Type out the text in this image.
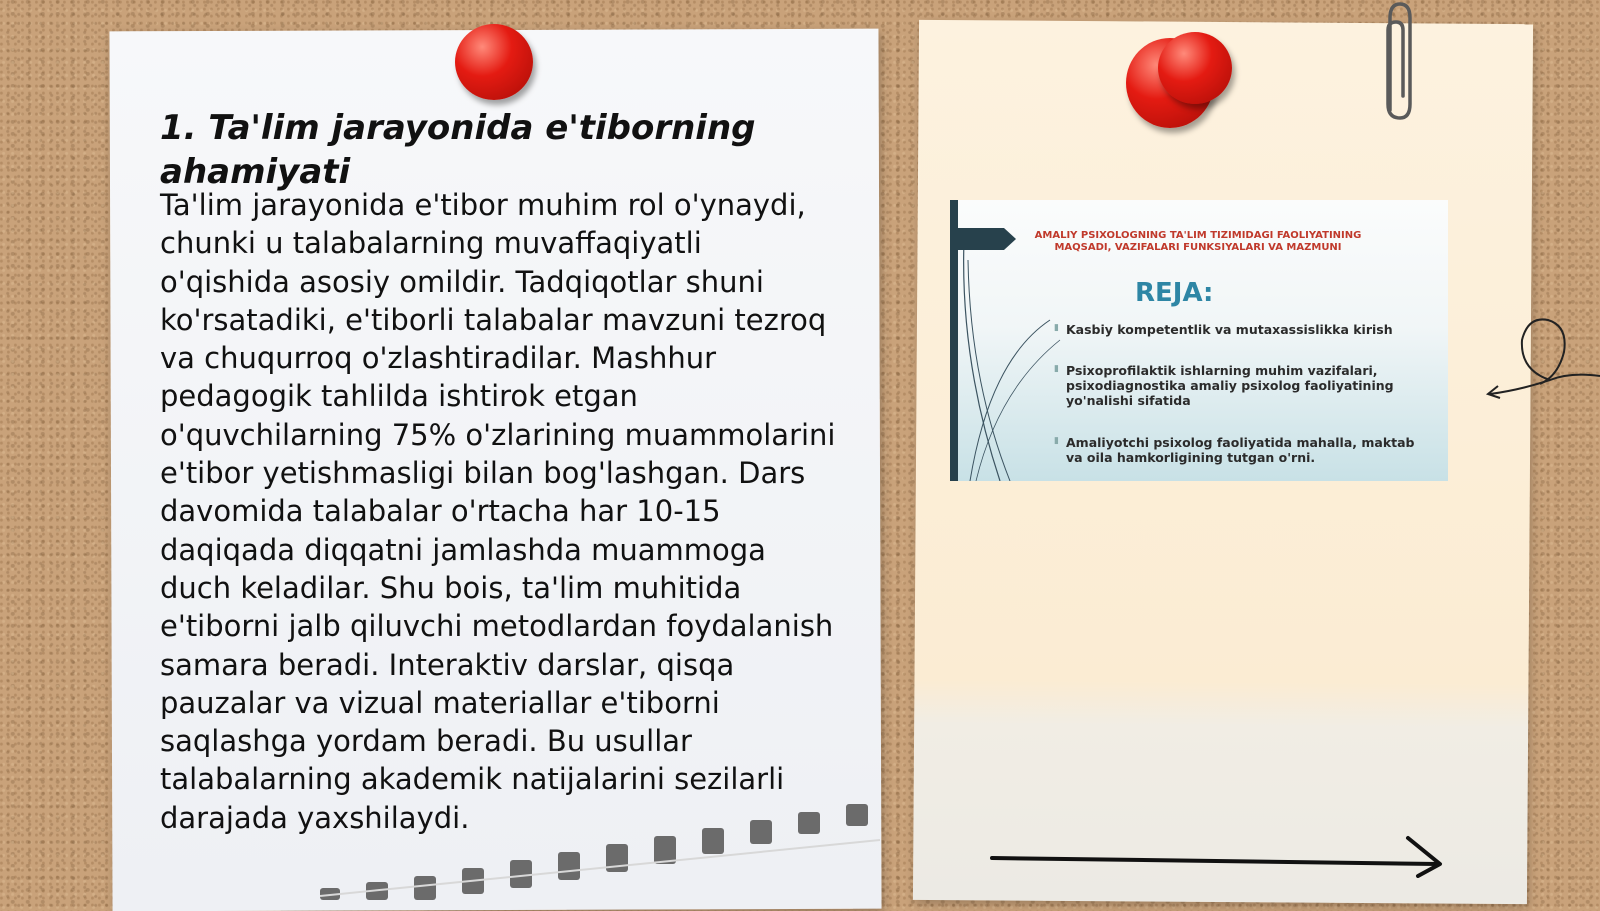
1. Ta'lim jarayonida e'tiborning ahamiyati

Ta'lim jarayonida e'tibor muhim rol o'ynaydi, chunki u talabalarning muvaffaqiyatli o'qishida asosiy omildir. Tadqiqotlar shuni ko'rsatadiki, e'tiborli talabalar mavzuni tezroq va chuqurroq o'zlashtiradilar. Mashhur pedagogik tahlilda ishtirok etgan o'quvchilarning 75% o'zlarining muammolarini e'tibor yetishmasligi bilan bog'lashgan. Dars davomida talabalar o'rtacha har 10-15 daqiqada diqqatni jamlashda muammoga duch keladilar. Shu bois, ta'lim muhitida e'tiborni jalb qiluvchi metodlardan foydalanish samara beradi. Interaktiv darslar, qisqa pauzalar va vizual materiallar e'tiborni saqlashga yordam beradi. Bu usullar talabalarning akademik natijalarini sezilarli darajada yaxshilaydi.

AMALIY PSIXOLOGNING TA'LIM TIZIMIDAGI FAOLIYATINING MAQSADI, VAZIFALARI FUNKSIYALARI VA MAZMUNI

REJA:

▮ Kasbiy kompetentlik va mutaxassislikka kirish

▮ Psixoprofilaktik ishlarning muhim vazifalari, psixodiagnostika amaliy psixolog faoliyatining yo'nalishi sifatida

▮ Amaliyotchi psixolog faoliyatida mahalla, maktab va oila hamkorligining tutgan o'rni.
